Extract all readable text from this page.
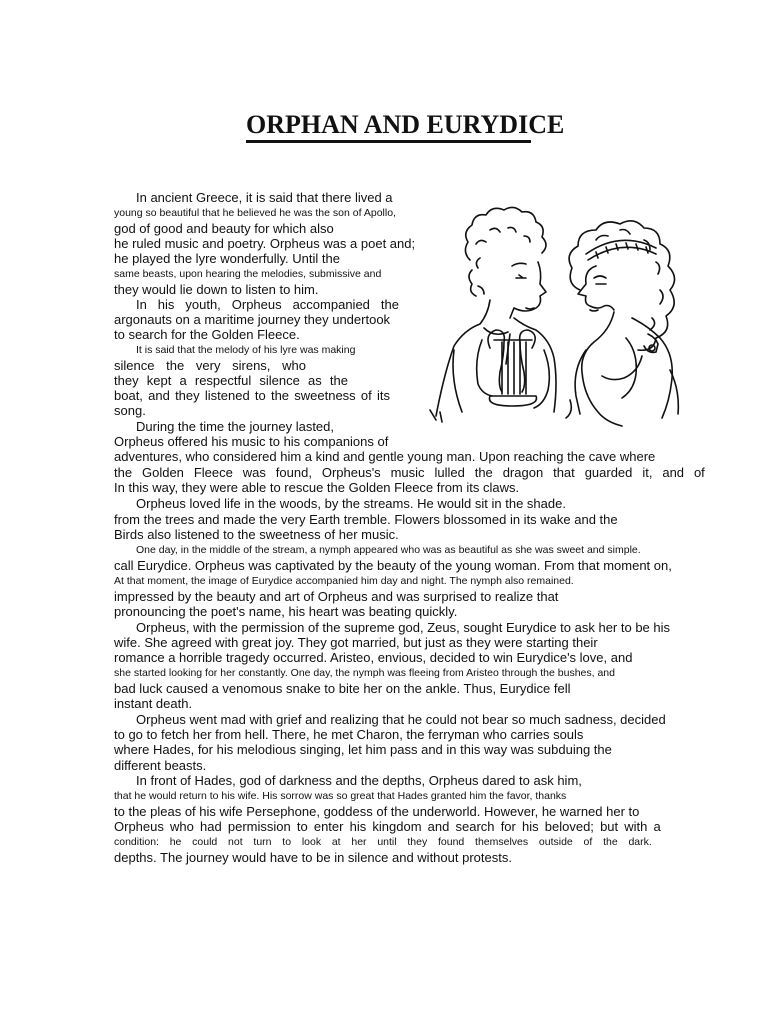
ORPHAN AND EURYDICE
In ancient Greece, it is said that there lived a
young so beautiful that he believed he was the son of Apollo,
god of good and beauty for which also
he ruled music and poetry. Orpheus was a poet and;
he played the lyre wonderfully. Until the
same beasts, upon hearing the melodies, submissive and
they would lie down to listen to him.
In his youth, Orpheus accompanied the
argonauts on a maritime journey they undertook
to search for the Golden Fleece.
It is said that the melody of his lyre was making
silence the very sirens, who
they kept a respectful silence as the
boat, and they listened to the sweetness of its
song.
During the time the journey lasted,
Orpheus offered his music to his companions of
adventures, who considered him a kind and gentle young man. Upon reaching the cave where
the Golden Fleece was found, Orpheus's music lulled the dragon that guarded it, and of
In this way, they were able to rescue the Golden Fleece from its claws.
Orpheus loved life in the woods, by the streams. He would sit in the shade.
from the trees and made the very Earth tremble. Flowers blossomed in its wake and the
Birds also listened to the sweetness of her music.
One day, in the middle of the stream, a nymph appeared who was as beautiful as she was sweet and simple.
call Eurydice. Orpheus was captivated by the beauty of the young woman. From that moment on,
At that moment, the image of Eurydice accompanied him day and night. The nymph also remained.
impressed by the beauty and art of Orpheus and was surprised to realize that
pronouncing the poet's name, his heart was beating quickly.
Orpheus, with the permission of the supreme god, Zeus, sought Eurydice to ask her to be his
wife. She agreed with great joy. They got married, but just as they were starting their
romance a horrible tragedy occurred. Aristeo, envious, decided to win Eurydice's love, and
she started looking for her constantly. One day, the nymph was fleeing from Aristeo through the bushes, and
bad luck caused a venomous snake to bite her on the ankle. Thus, Eurydice fell
instant death.
Orpheus went mad with grief and realizing that he could not bear so much sadness, decided
to go to fetch her from hell. There, he met Charon, the ferryman who carries souls
where Hades, for his melodious singing, let him pass and in this way was subduing the
different beasts.
In front of Hades, god of darkness and the depths, Orpheus dared to ask him,
that he would return to his wife. His sorrow was so great that Hades granted him the favor, thanks
to the pleas of his wife Persephone, goddess of the underworld. However, he warned her to
Orpheus who had permission to enter his kingdom and search for his beloved; but with a
condition: he could not turn to look at her until they found themselves outside of the dark.
depths. The journey would have to be in silence and without protests.
